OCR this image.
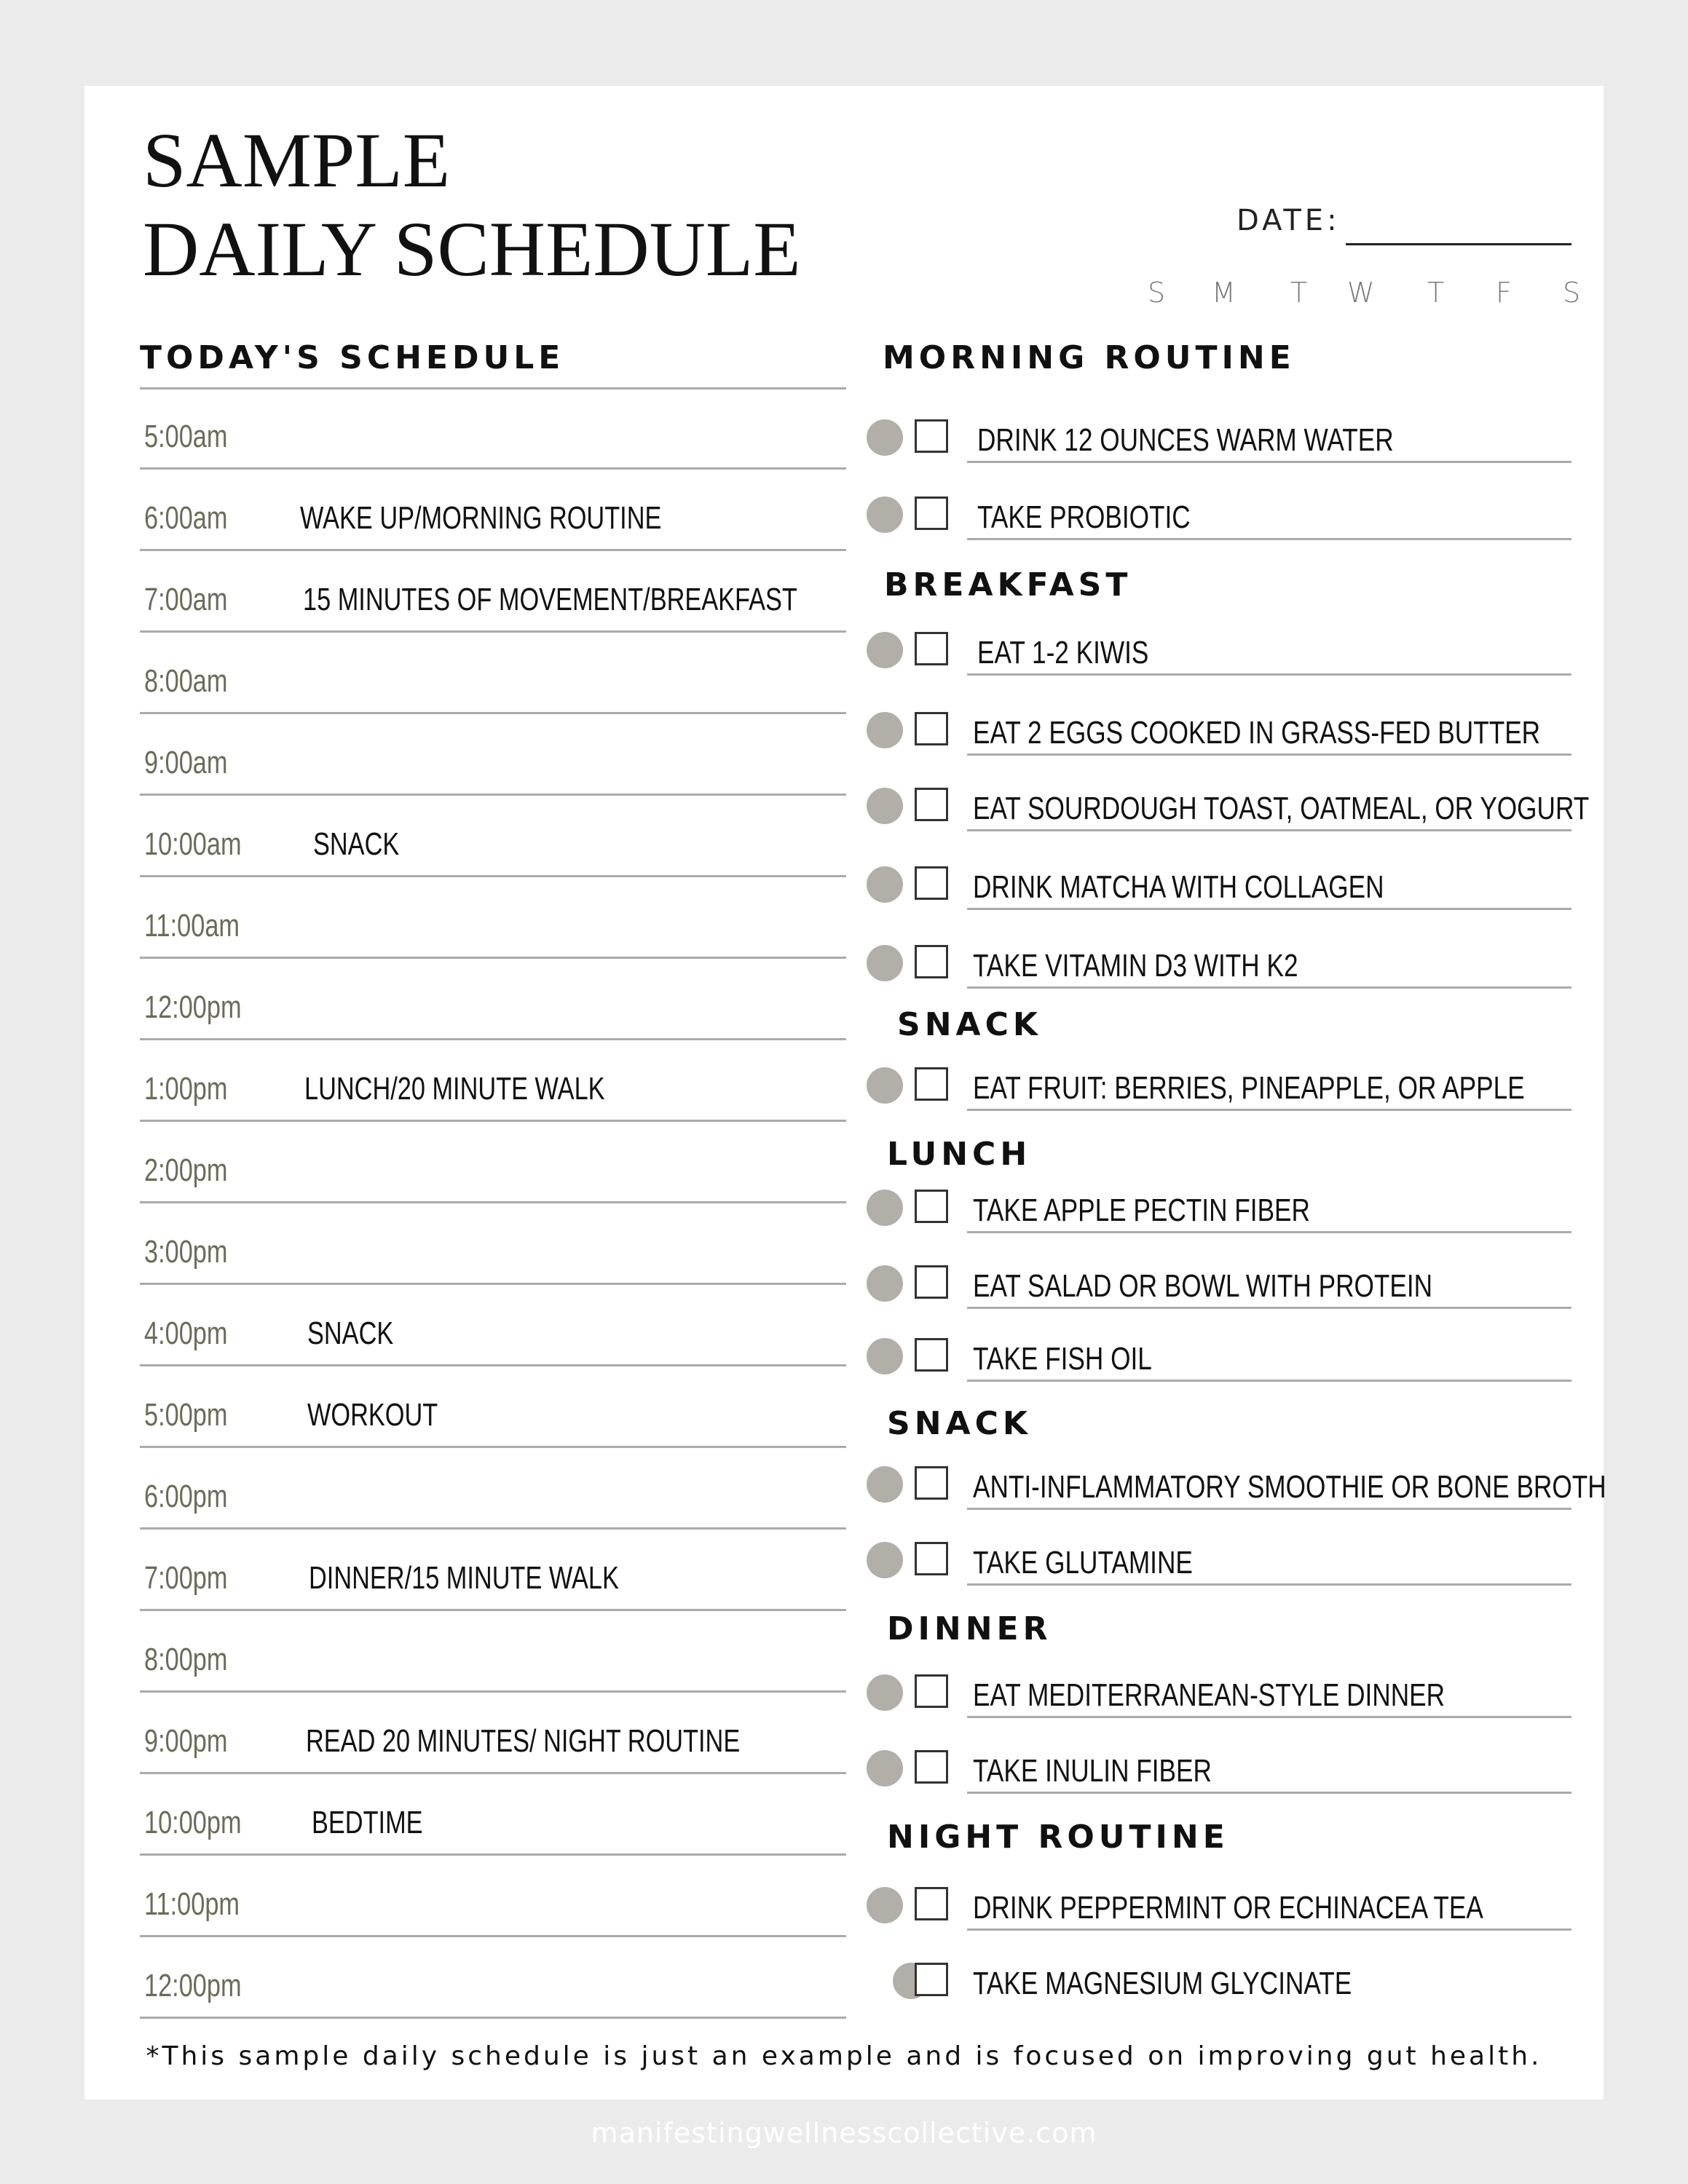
SAMPLE
DAILY SCHEDULE	DATE:
S M T W T F S
TODAY'S SCHEDULE
5:00am
6:00am WAKE UP/MORNING ROUTINE
7:00am 15 MINUTES OF MOVEMENT/BREAKFAST
8:00am
9:00am
10:00am SNACK
11:00am
12:00pm
1:00pm LUNCH/20 MINUTE WALK
2:00pm
3:00pm
4:00pm SNACK
5:00pm WORKOUT
6:00pm
7:00pm	DINNER/15 MINUTE WALK
8:00pm
9:00pm READ 20 MINUTES/ NIGHT ROUTINE
10:00pm BEDTIME
11:00pm
12:00pm
MORNING ROUTINE
DRINK 12 OUNCES WARM WATER
TAKE PROBIOTIC
BREAKFAST
EAT 1-2 KIWIS
EAT 2 EGGS COOKED IN GRASS-FED BUTTER
EAT SOURDOUGH TOAST, OATMEAL, OR YOGURT
DRINK MATCHA WITH COLLAGEN
TAKE VITAMIN D3 WITH K2
SNACK
EAT FRUIT: BERRIES, PINEAPPLE, OR APPLE
LUNCH
TAKE APPLE PECTIN FIBER
EAT SALAD OR BOWL WITH PROTEIN
TAKE FISH OIL
SNACK
ANTI-INFLAMMATORY SMOOTHIE OR BONE BROTH
TAKE GLUTAMINE
DINNER
EAT MEDITERRANEAN-STYLE DINNER
TAKE INULIN FIBER
NIGHT ROUTINE
DRINK PEPPERMINT OR ECHINACEA TEA
TAKE MAGNESIUM GLYCINATE
*This sample daily schedule is just an example and is focused on improving gut health.
manifestingwellnesscollective.com
